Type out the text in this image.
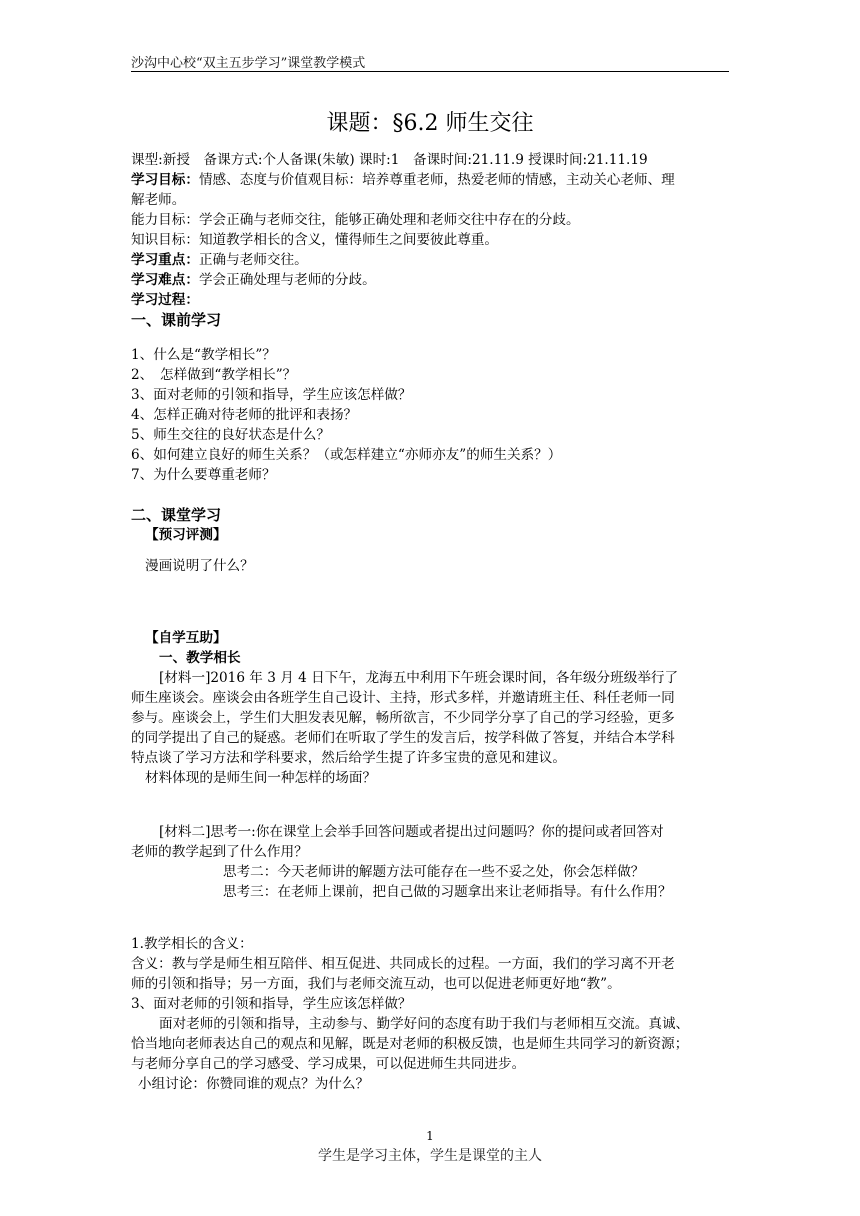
沙沟中心校“双主五步学习”课堂教学模式
课题：§6.2 师生交往
课型:新授　备课方式:个人备课(朱敏) 课时:1　备课时间:21.11.9 授课时间:21.11.19
学习目标：情感、态度与价值观目标：培养尊重老师，热爱老师的情感，主动关心老师、理
解老师。
能力目标：学会正确与老师交往，能够正确处理和老师交往中存在的分歧。
知识目标：知道教学相长的含义，懂得师生之间要彼此尊重。
学习重点：正确与老师交往。
学习难点：学会正确处理与老师的分歧。
学习过程：
一、课前学习
1、什么是“教学相长”？
2、　怎样做到“教学相长”？
3、面对老师的引领和指导，学生应该怎样做？
4、怎样正确对待老师的批评和表扬？
5、师生交往的良好状态是什么？
6、如何建立良好的师生关系？（或怎样建立“亦师亦友”的师生关系？）
7、为什么要尊重老师？
二、课堂学习
【预习评测】
漫画说明了什么？
【自学互助】
一、教学相长
[材料一]2016 年 3 月 4 日下午，龙海五中利用下午班会课时间，各年级分班级举行了
师生座谈会。座谈会由各班学生自己设计、主持，形式多样，并邀请班主任、科任老师一同
参与。座谈会上，学生们大胆发表见解，畅所欲言，不少同学分享了自己的学习经验，更多
的同学提出了自己的疑惑。老师们在听取了学生的发言后，按学科做了答复，并结合本学科
特点谈了学习方法和学科要求，然后给学生提了许多宝贵的意见和建议。
材料体现的是师生间一种怎样的场面？
[材料二]思考一:你在课堂上会举手回答问题或者提出过问题吗？你的提问或者回答对
老师的教学起到了什么作用？
思考二：今天老师讲的解题方法可能存在一些不妥之处，你会怎样做？
思考三：在老师上课前，把自己做的习题拿出来让老师指导。有什么作用？
1.教学相长的含义：
含义：教与学是师生相互陪伴、相互促进、共同成长的过程。一方面，我们的学习离不开老
师的引领和指导；另一方面，我们与老师交流互动，也可以促进老师更好地“教”。
3、面对老师的引领和指导，学生应该怎样做？
面对老师的引领和指导，主动参与、勤学好问的态度有助于我们与老师相互交流。真诚、
恰当地向老师表达自己的观点和见解，既是对老师的积极反馈，也是师生共同学习的新资源；
与老师分享自己的学习感受、学习成果，可以促进师生共同进步。
小组讨论：你赞同谁的观点？为什么？
1
学生是学习主体，学生是课堂的主人
